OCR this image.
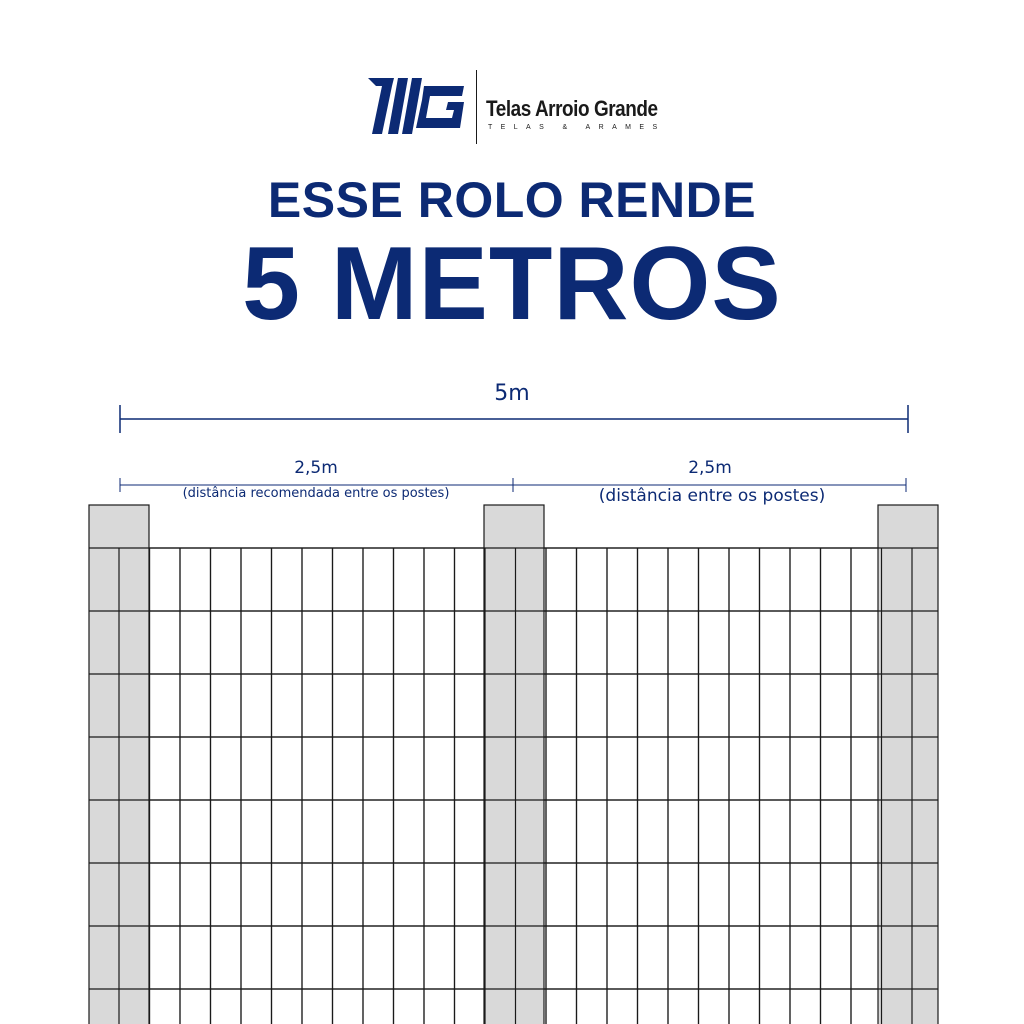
Telas Arroio Grande
TELAS & ARAMES
ESSE ROLO RENDE
5 METROS
5m
2,5m	2,5m
(distância recomendada entre os postes)	(distância entre os postes)
